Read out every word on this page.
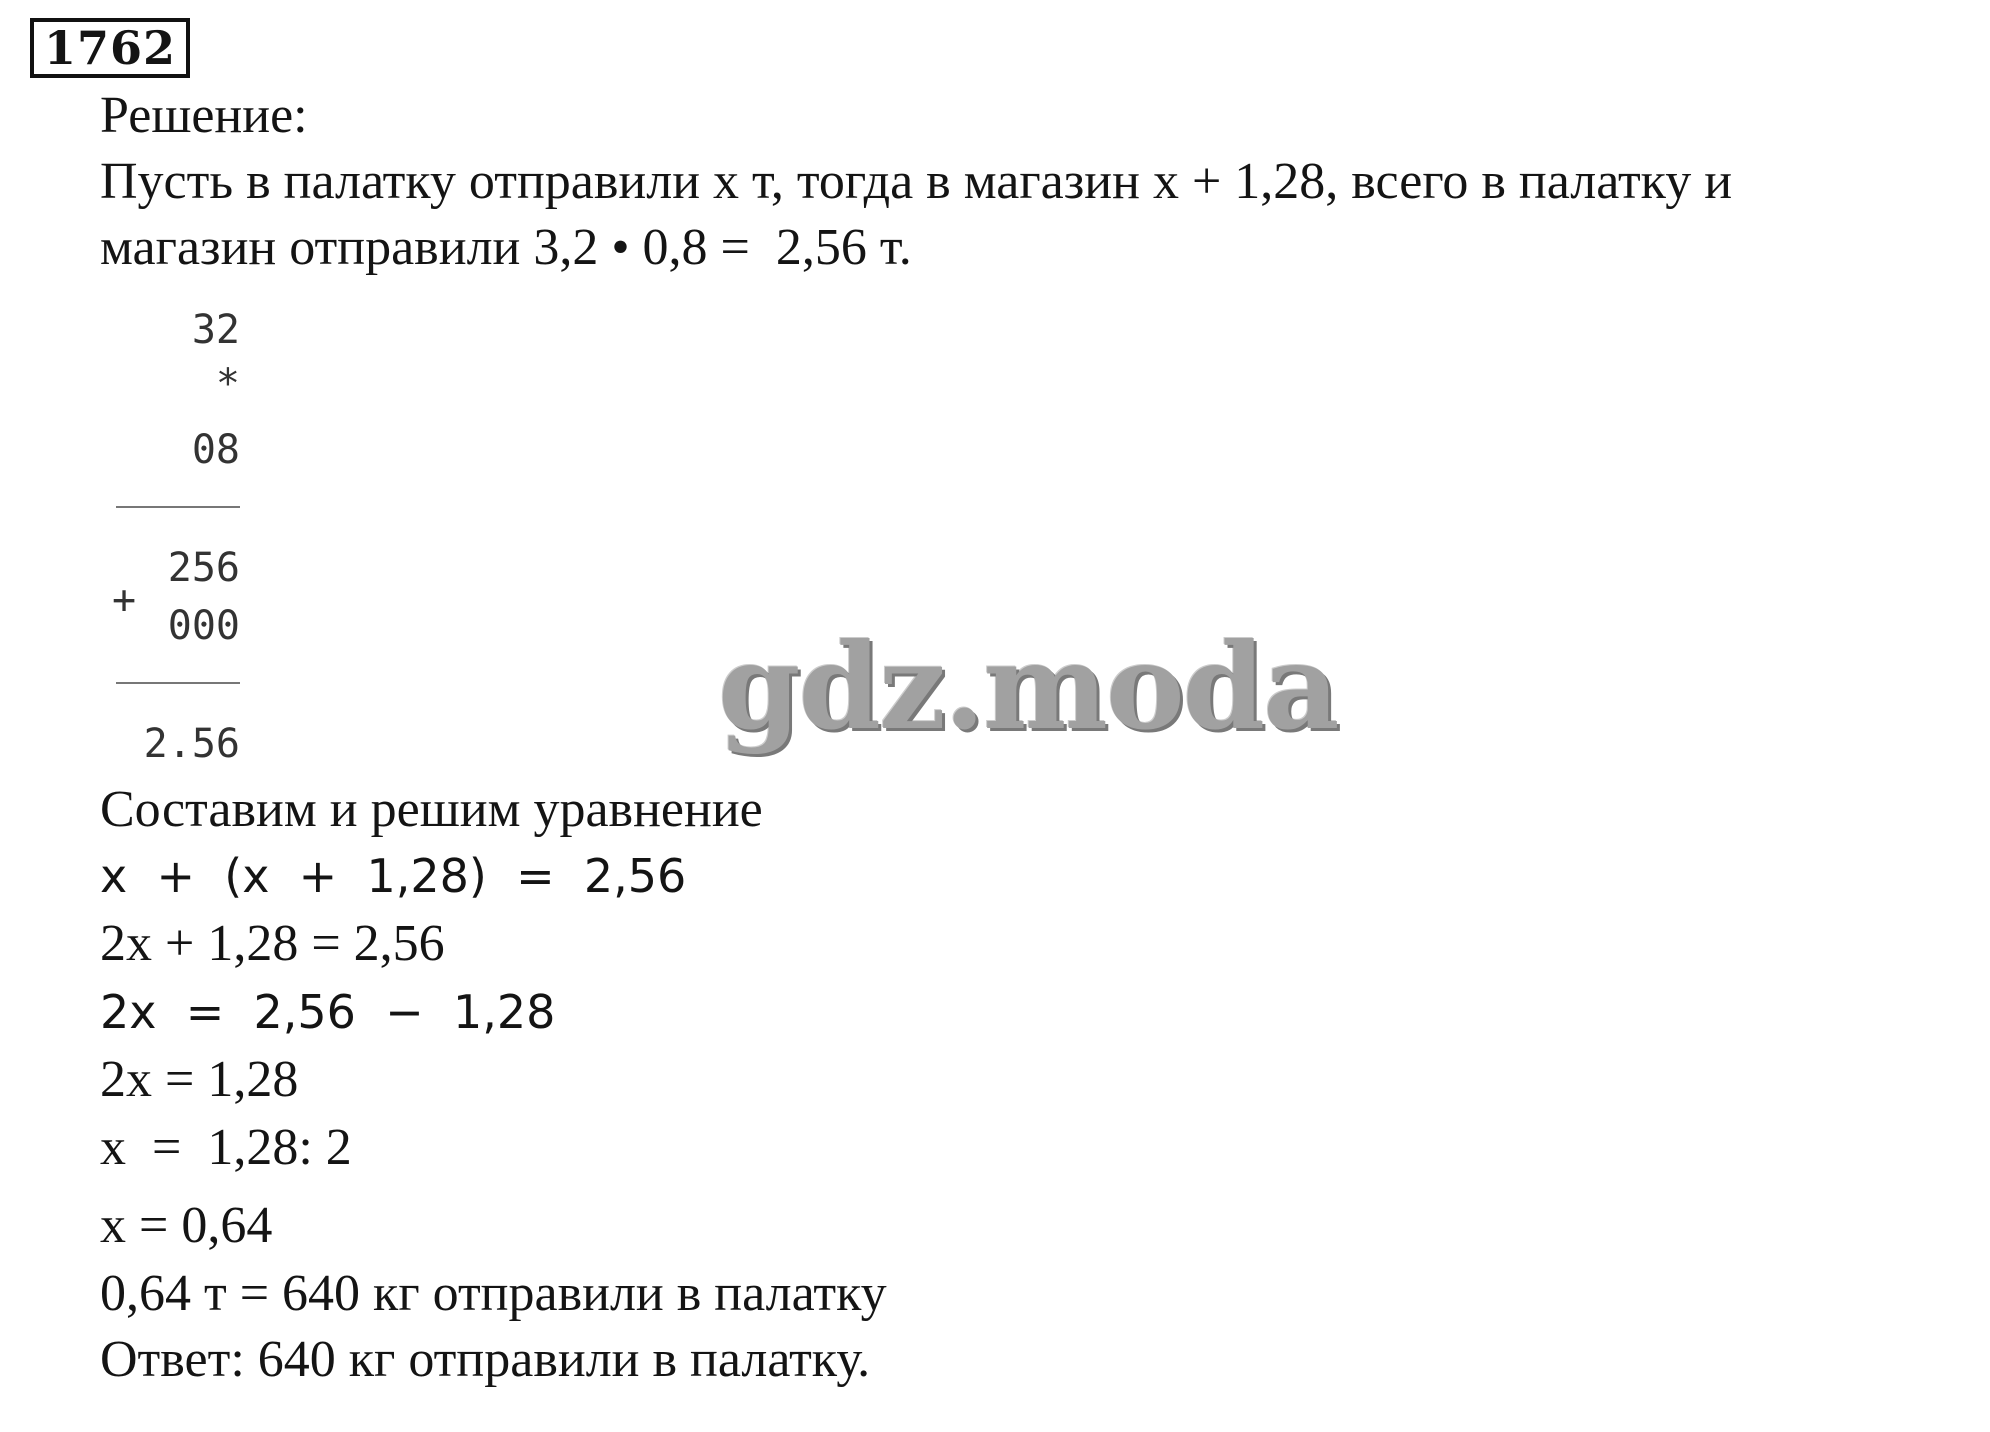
1762
Решение:
Пусть в палатку отправили x т, тогда в магазин x + 1,28, всего в палатку и
магазин отправили 3,2 • 0,8 =  2,56 т.
32
*
08
256
+
000
2.56
Составим и решим уравнение
x  +  (x  +  1,28)  =  2,56
2x + 1,28 = 2,56
2x  =  2,56  −  1,28
2x = 1,28
x  =  1,28: 2
x = 0,64
0,64 т = 640 кг отправили в палатку
Ответ: 640 кг отправили в палатку.
gdz.moda
